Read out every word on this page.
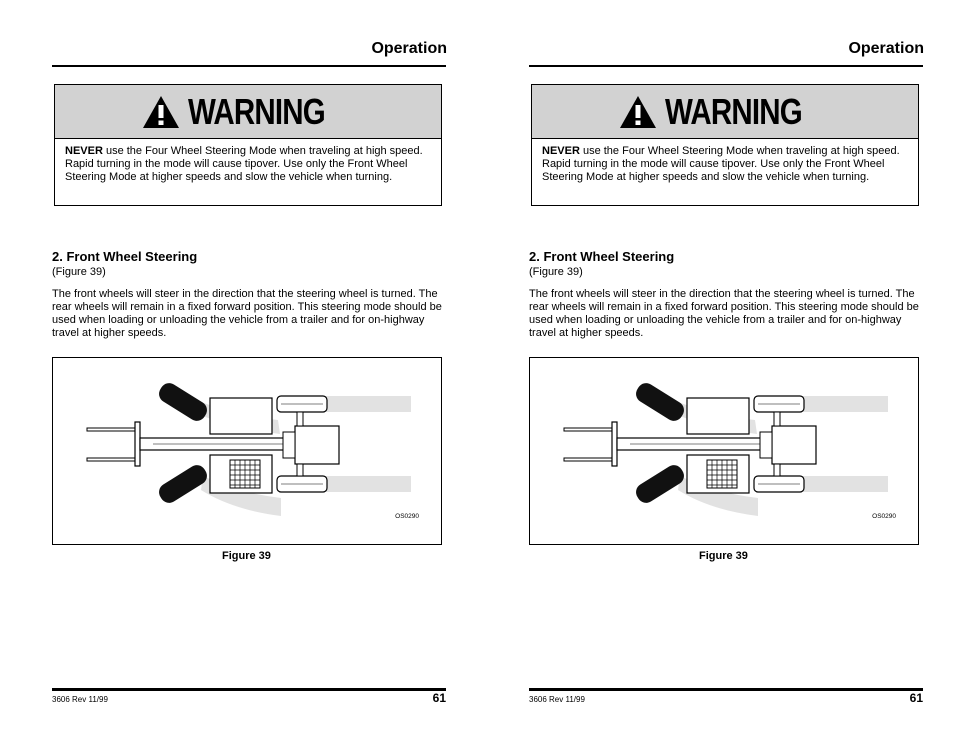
Operation
WARNING
NEVER use the Four Wheel Steering Mode when traveling at high speed. Rapid turning in the mode will cause tipover. Use only the Front Wheel Steering Mode at higher speeds and slow the vehicle when turning.
2. Front Wheel Steering
(Figure 39)
The front wheels will steer in the direction that the steering wheel is turned. The rear wheels will remain in a fixed forward position. This steering mode should be used when loading or unloading the vehicle from a trailer and for on-highway travel at higher speeds.
OS0290
Figure 39
3606 Rev 11/99	61
Operation
WARNING
NEVER use the Four Wheel Steering Mode when traveling at high speed. Rapid turning in the mode will cause tipover. Use only the Front Wheel Steering Mode at higher speeds and slow the vehicle when turning.
2. Front Wheel Steering
(Figure 39)
The front wheels will steer in the direction that the steering wheel is turned. The rear wheels will remain in a fixed forward position. This steering mode should be used when loading or unloading the vehicle from a trailer and for on-highway travel at higher speeds.
OS0290
Figure 39
3606 Rev 11/99	61
